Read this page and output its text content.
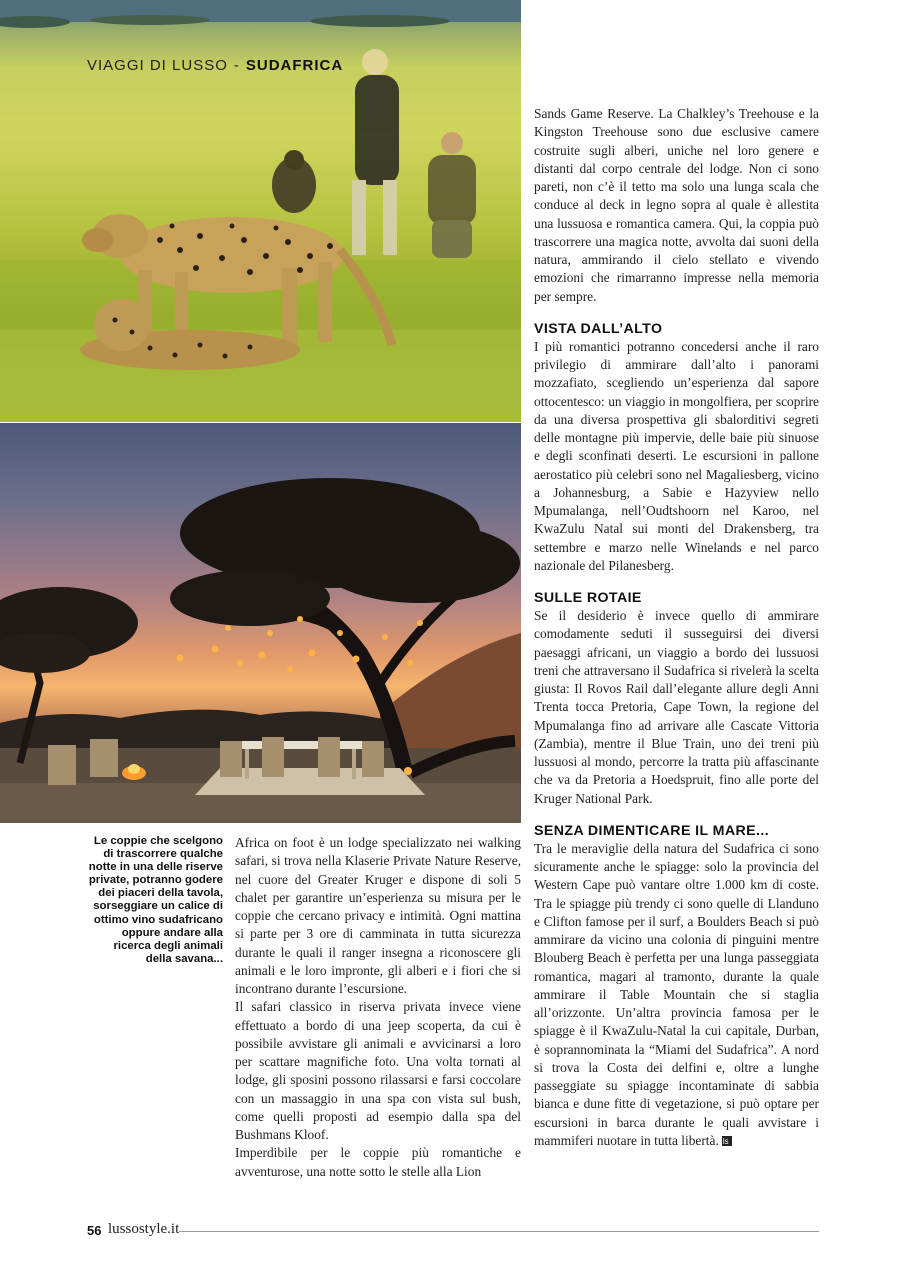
VIAGGI DI LUSSO - SUDAFRICA
Le coppie che scelgono di trascorrere qualche notte in una delle riserve private, potranno godere dei piaceri della tavola, sorseggiare un calice di ottimo vino sudafricano oppure andare alla ricerca degli animali della savana...

Africa on foot è un lodge specializzato nei walking safari, si trova nella Klaserie Private Nature Reserve, nel cuore del Greater Kruger e dispone di soli 5 chalet per garantire un’esperienza su misura per le coppie che cercano privacy e intimità. Ogni mattina si parte per 3 ore di camminata in tutta sicurezza durante le quali il ranger insegna a riconoscere gli animali e le loro impronte, gli alberi e i fiori che si incontrano durante l’escursione.

Il safari classico in riserva privata invece viene effettuato a bordo di una jeep scoperta, da cui è possibile avvistare gli animali e avvicinarsi a loro per scattare magnifiche foto. Una volta tornati al lodge, gli sposini possono rilassarsi e farsi coccolare con un massaggio in una spa con vista sul bush, come quelli proposti ad esempio dalla spa del Bushmans Kloof.

Imperdibile per le coppie più romantiche e avventurose, una notte sotto le stelle alla Lion

Sands Game Reserve. La Chalkley’s Treehouse e la Kingston Treehouse sono due esclusive camere costruite sugli alberi, uniche nel loro genere e distanti dal corpo centrale del lodge. Non ci sono pareti, non c’è il tetto ma solo una lunga scala che conduce al deck in legno sopra al quale è allestita una lussuosa e romantica camera. Qui, la coppia può trascorrere una magica notte, avvolta dai suoni della natura, ammirando il cielo stellato e vivendo emozioni che rimarranno impresse nella memoria per sempre.

VISTA DALL’ALTO

I più romantici potranno concedersi anche il raro privilegio di ammirare dall’alto i panorami mozzafiato, scegliendo un’esperienza dal sapore ottocentesco: un viaggio in mongolfiera, per scoprire da una diversa prospettiva gli sbalorditivi segreti delle montagne più impervie, delle baie più sinuose e degli sconfinati deserti. Le escursioni in pallone aerostatico più celebri sono nel Magaliesberg, vicino a Johannesburg, a Sabie e Hazyview nello Mpumalanga, nell’Oudtshoorn nel Karoo, nel KwaZulu Natal sui monti del Drakensberg, tra settembre e marzo nelle Winelands e nel parco nazionale del Pilanesberg.

SULLE ROTAIE

Se il desiderio è invece quello di ammirare comodamente seduti il susseguirsi dei diversi paesaggi africani, un viaggio a bordo dei lussuosi treni che attraversano il Sudafrica si rivelerà la scelta giusta: Il Rovos Rail dall’elegante allure degli Anni Trenta tocca Pretoria, Cape Town, la regione del Mpumalanga fino ad arrivare alle Cascate Vittoria (Zambia), mentre il Blue Train, uno dei treni più lussuosi al mondo, percorre la tratta più affascinante che va da Pretoria a Hoedspruit, fino alle porte del Kruger National Park.

SENZA DIMENTICARE IL MARE...

Tra le meraviglie della natura del Sudafrica ci sono sicuramente anche le spiagge: solo la provincia del Western Cape può vantare oltre 1.000 km di coste. Tra le spiagge più trendy ci sono quelle di Llanduno e Clifton famose per il surf, a Boulders Beach si può ammirare da vicino una colonia di pinguini mentre Blouberg Beach è perfetta per una lunga passeggiata romantica, magari al tramonto, durante la quale ammirare il Table Mountain che si staglia all’orizzonte. Un’altra provincia famosa per le spiagge è il KwaZulu-Natal la cui capitale, Durban, è soprannominata la “Miami del Sudafrica”. A nord si trova la Costa dei delfini e, oltre a lunghe passeggiate su spiagge incontaminate di sabbia bianca e dune fitte di vegetazione, si può optare per escursioni in barca durante le quali avvistare i mammiferi nuotare in tutta libertà.ls

56 lussostyle.it
